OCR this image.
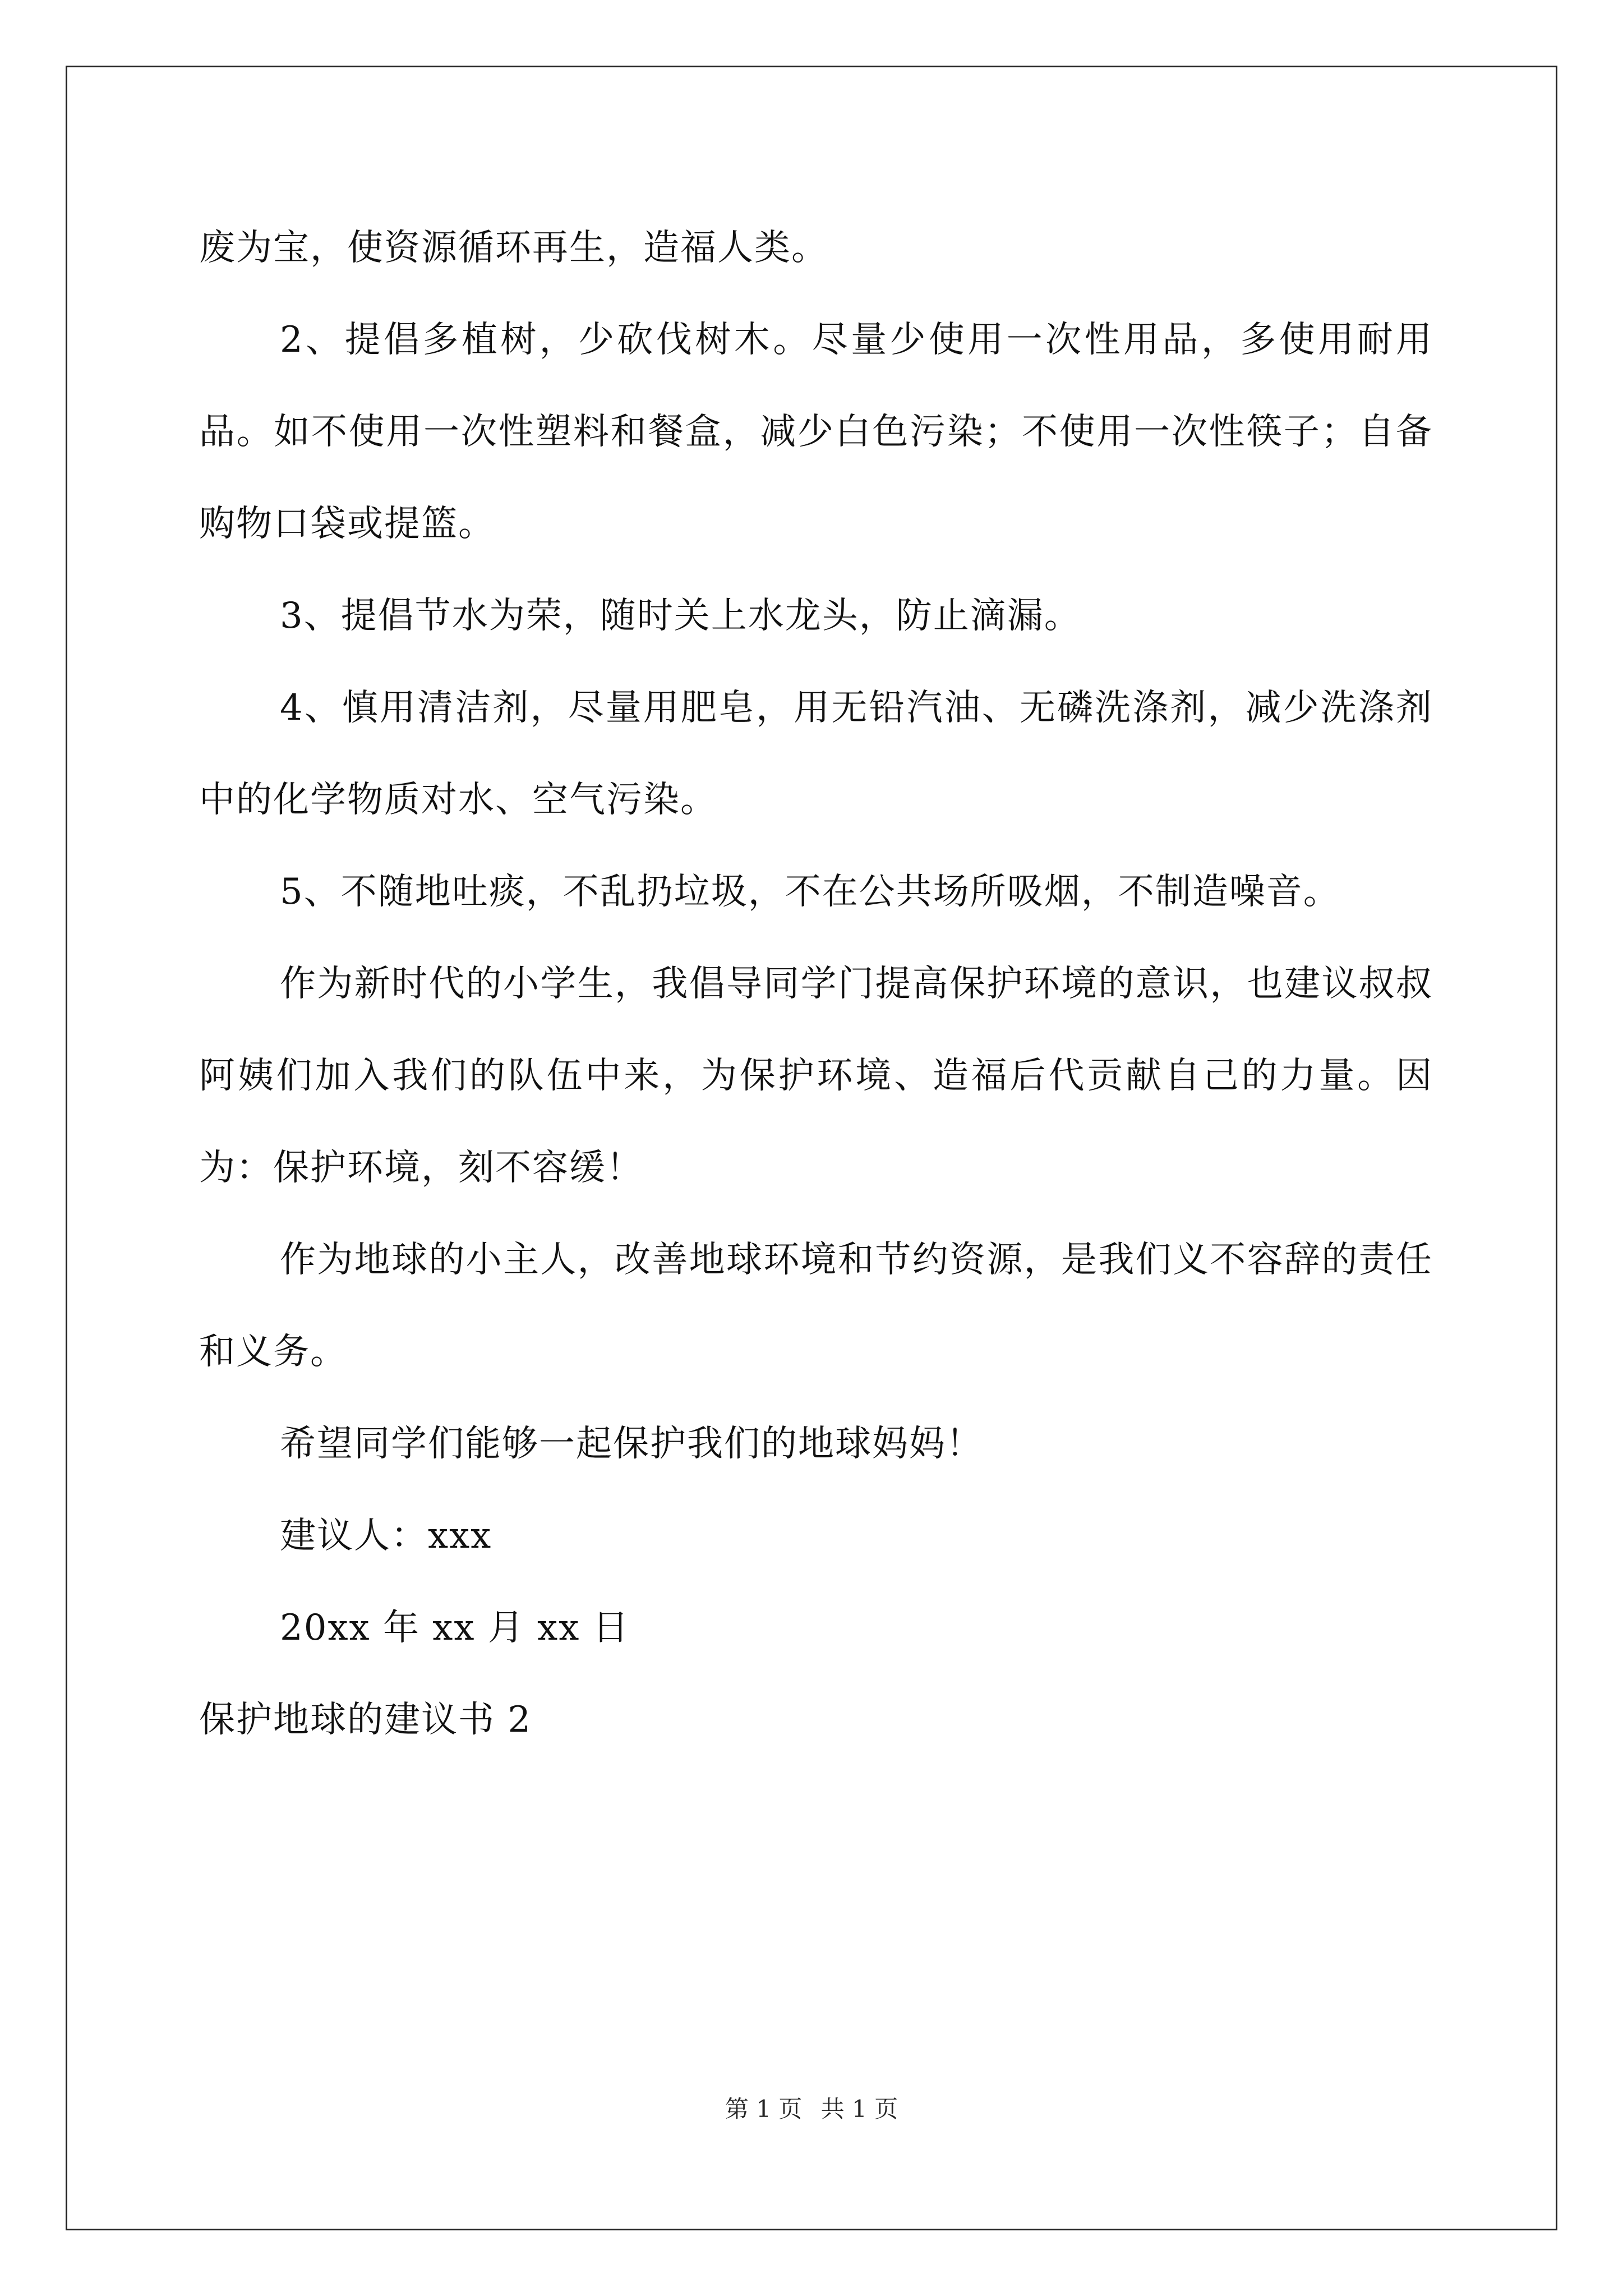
废为宝，使资源循环再生，造福人类。

2、提倡多植树，少砍伐树木。尽量少使用一次性用品，多使用耐用品。如不使用一次性塑料和餐盒，减少白色污染；不使用一次性筷子；自备购物口袋或提篮。

3、提倡节水为荣，随时关上水龙头，防止滴漏。

4、慎用清洁剂，尽量用肥皂，用无铅汽油、无磷洗涤剂，减少洗涤剂中的化学物质对水、空气污染。

5、不随地吐痰，不乱扔垃圾，不在公共场所吸烟，不制造噪音。

作为新时代的小学生，我倡导同学门提高保护环境的意识，也建议叔叔阿姨们加入我们的队伍中来，为保护环境、造福后代贡献自己的力量。因为：保护环境，刻不容缓！

作为地球的小主人，改善地球环境和节约资源，是我们义不容辞的责任和义务。

希望同学们能够一起保护我们的地球妈妈！

建议人：xxx

20xx 年 xx 月 xx 日

保护地球的建议书 2

第 1 页 共 1 页
